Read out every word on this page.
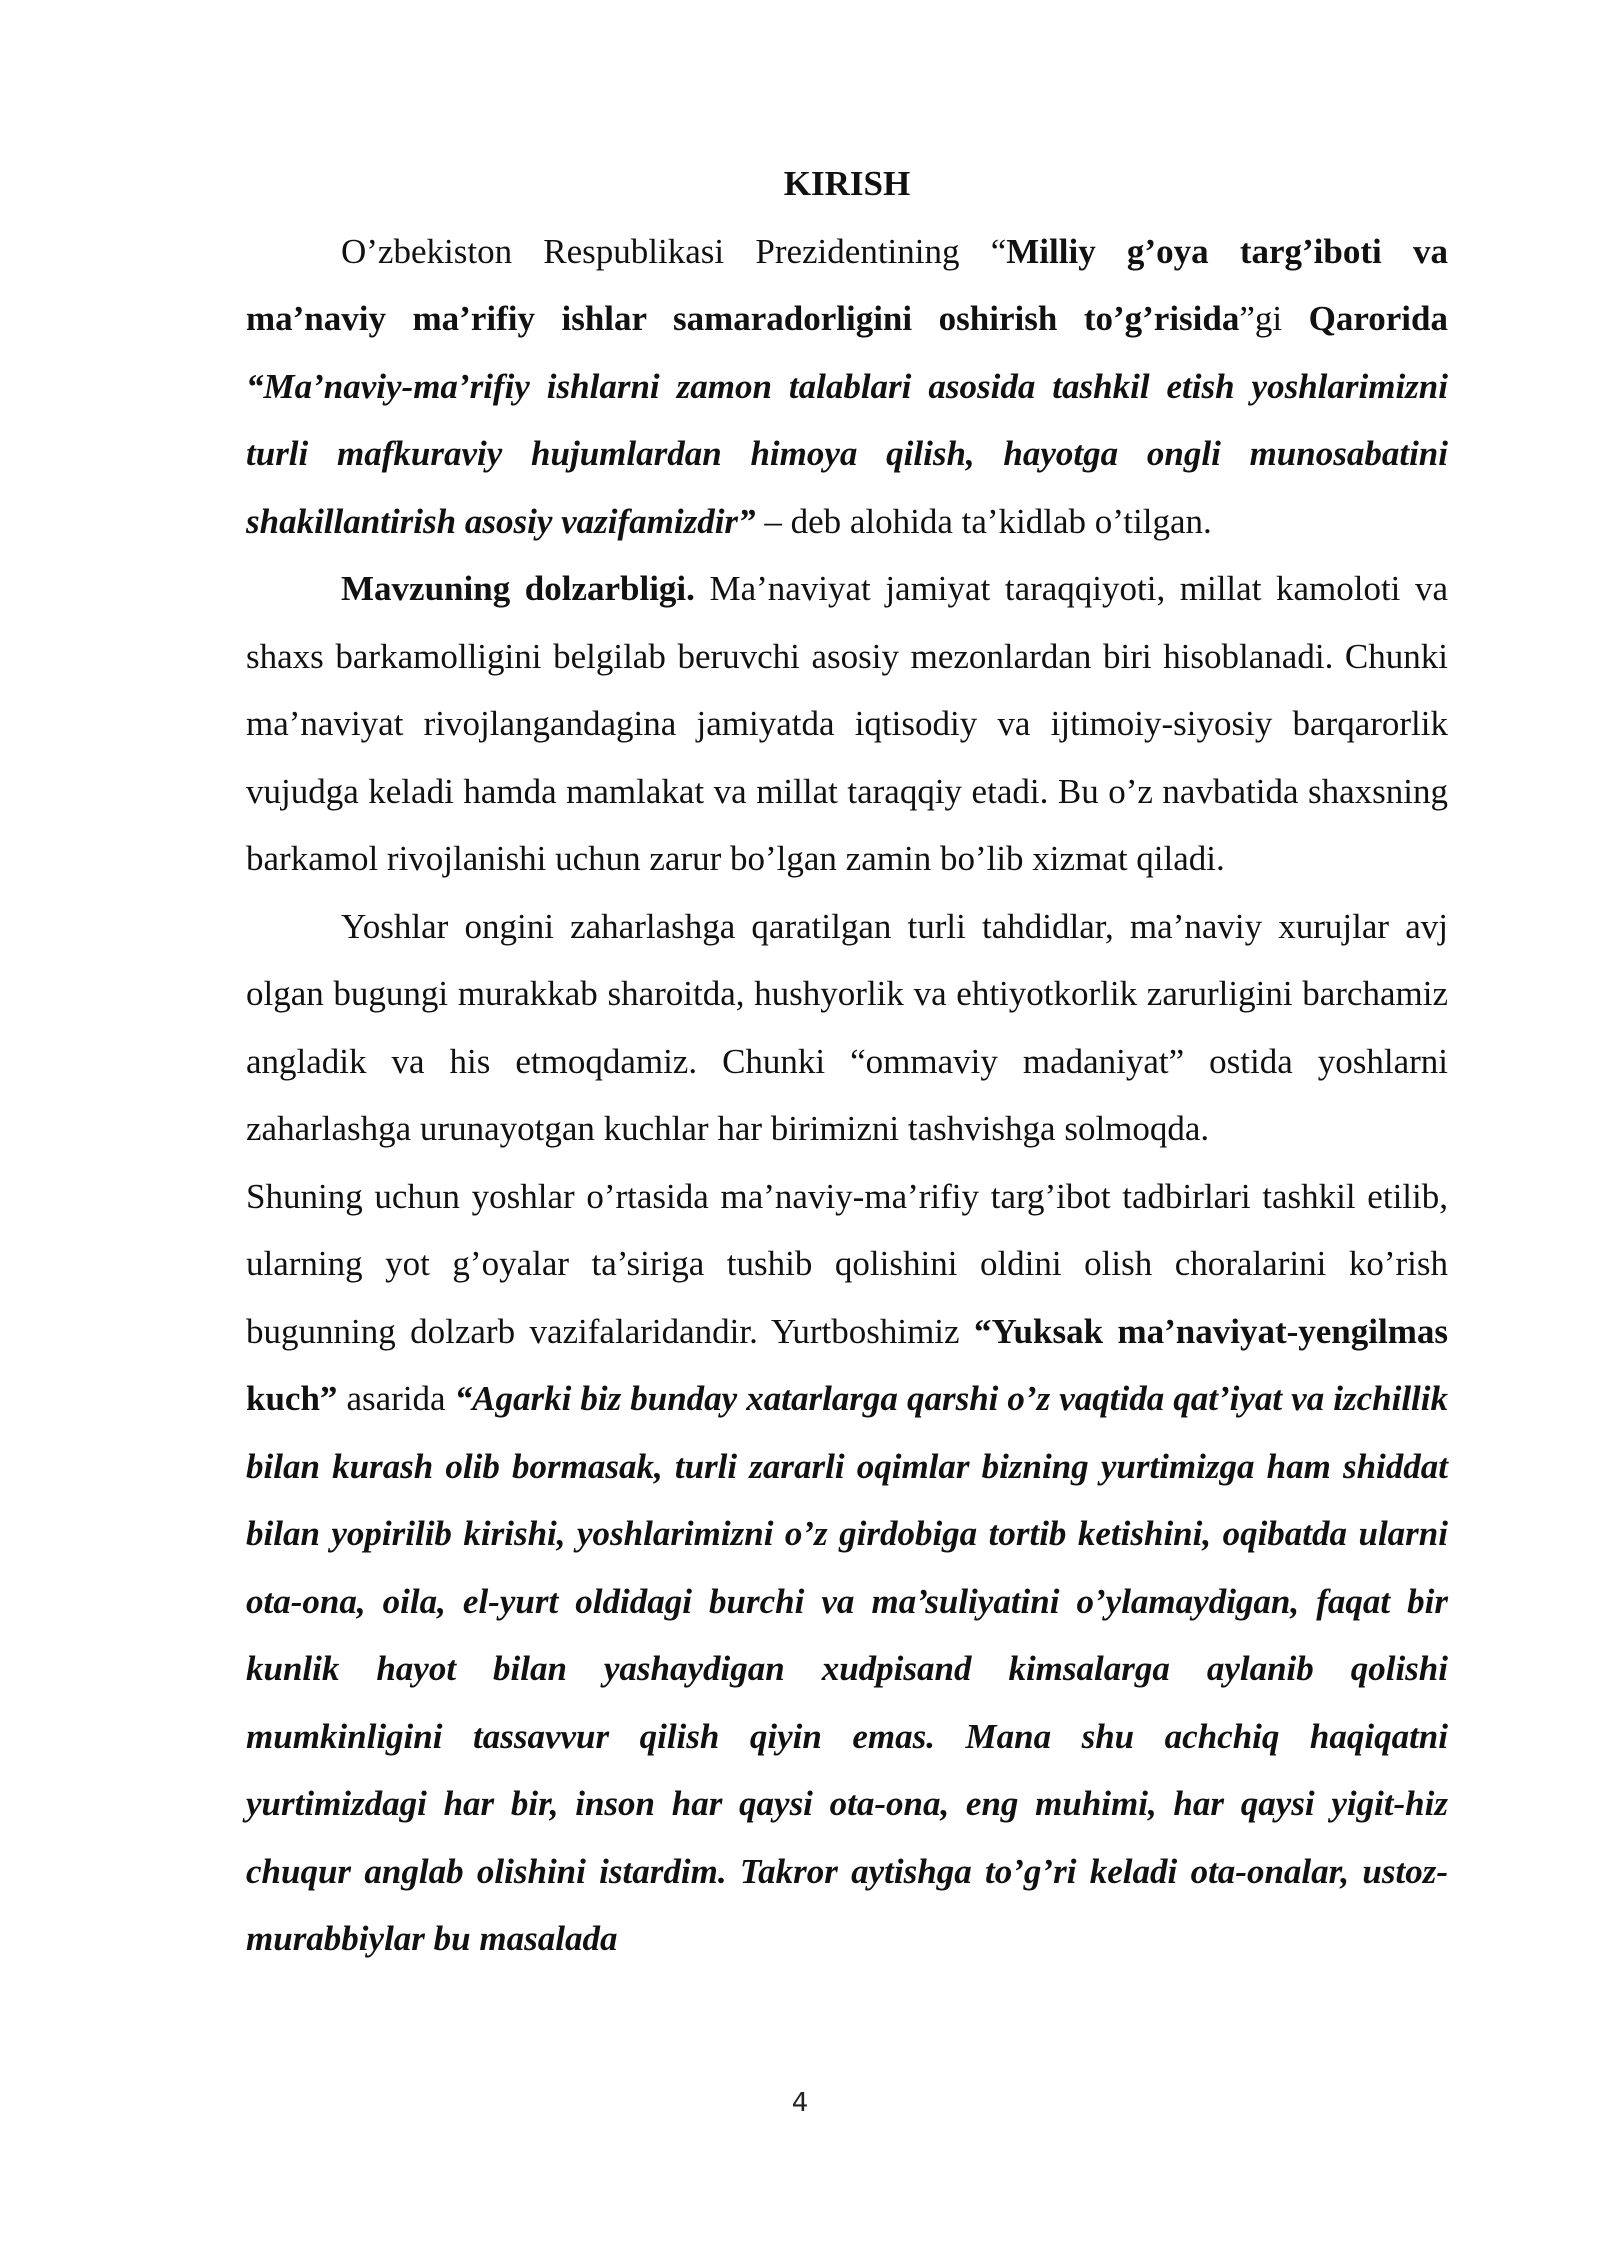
KIRISH

O’zbekiston Respublikasi Prezidentining “Milliy g’oya targ’iboti va ma’naviy ma’rifiy ishlar samaradorligini oshirish to’g’risida”gi Qarorida “Ma’naviy-ma’rifiy ishlarni zamon talablari asosida tashkil etish yoshlarimizni turli mafkuraviy hujumlardan himoya qilish, hayotga ongli munosabatini shakillantirish asosiy vazifamizdir” – deb alohida ta’kidlab o’tilgan.

Mavzuning dolzarbligi. Ma’naviyat jamiyat taraqqiyoti, millat kamoloti va shaxs barkamolligini belgilab beruvchi asosiy mezonlardan biri hisoblanadi. Chunki ma’naviyat rivojlangandagina jamiyatda iqtisodiy va ijtimoiy-siyosiy barqarorlik vujudga keladi hamda mamlakat va millat taraqqiy etadi. Bu o’z navbatida shaxsning barkamol rivojlanishi uchun zarur bo’lgan zamin bo’lib xizmat qiladi.

Yoshlar ongini zaharlashga qaratilgan turli tahdidlar, ma’naviy xurujlar avj olgan bugungi murakkab sharoitda, hushyorlik va ehtiyotkorlik zarurligini barchamiz angladik va his etmoqdamiz. Chunki “ommaviy madaniyat” ostida yoshlarni zaharlashga urunayotgan kuchlar har birimizni tashvishga solmoqda.

Shuning uchun yoshlar o’rtasida ma’naviy-ma’rifiy targ’ibot tadbirlari tashkil etilib, ularning yot g’oyalar ta’siriga tushib qolishini oldini olish choralarini ko’rish bugunning dolzarb vazifalaridandir. Yurtboshimiz “Yuksak ma’naviyat-yengilmas kuch” asarida “Agarki biz bunday xatarlarga qarshi o’z vaqtida qat’iyat va izchillik bilan kurash olib bormasak, turli zararli oqimlar bizning yurtimizga ham shiddat bilan yopirilib kirishi, yoshlarimizni o’z girdobiga tortib ketishini, oqibatda ularni ota-ona, oila, el-yurt oldidagi burchi va ma’suliyatini o’ylamaydigan, faqat bir kunlik hayot bilan yashaydigan xudpisand kimsalarga aylanib qolishi mumkinligini tassavvur qilish qiyin emas. Mana shu achchiq haqiqatni yurtimizdagi har bir, inson har qaysi ota-ona, eng muhimi, har qaysi yigit-hiz chuqur anglab olishini istardim. Takror aytishga to’g’ri keladi ota-onalar, ustoz-murabbiylar bu masalada

4
